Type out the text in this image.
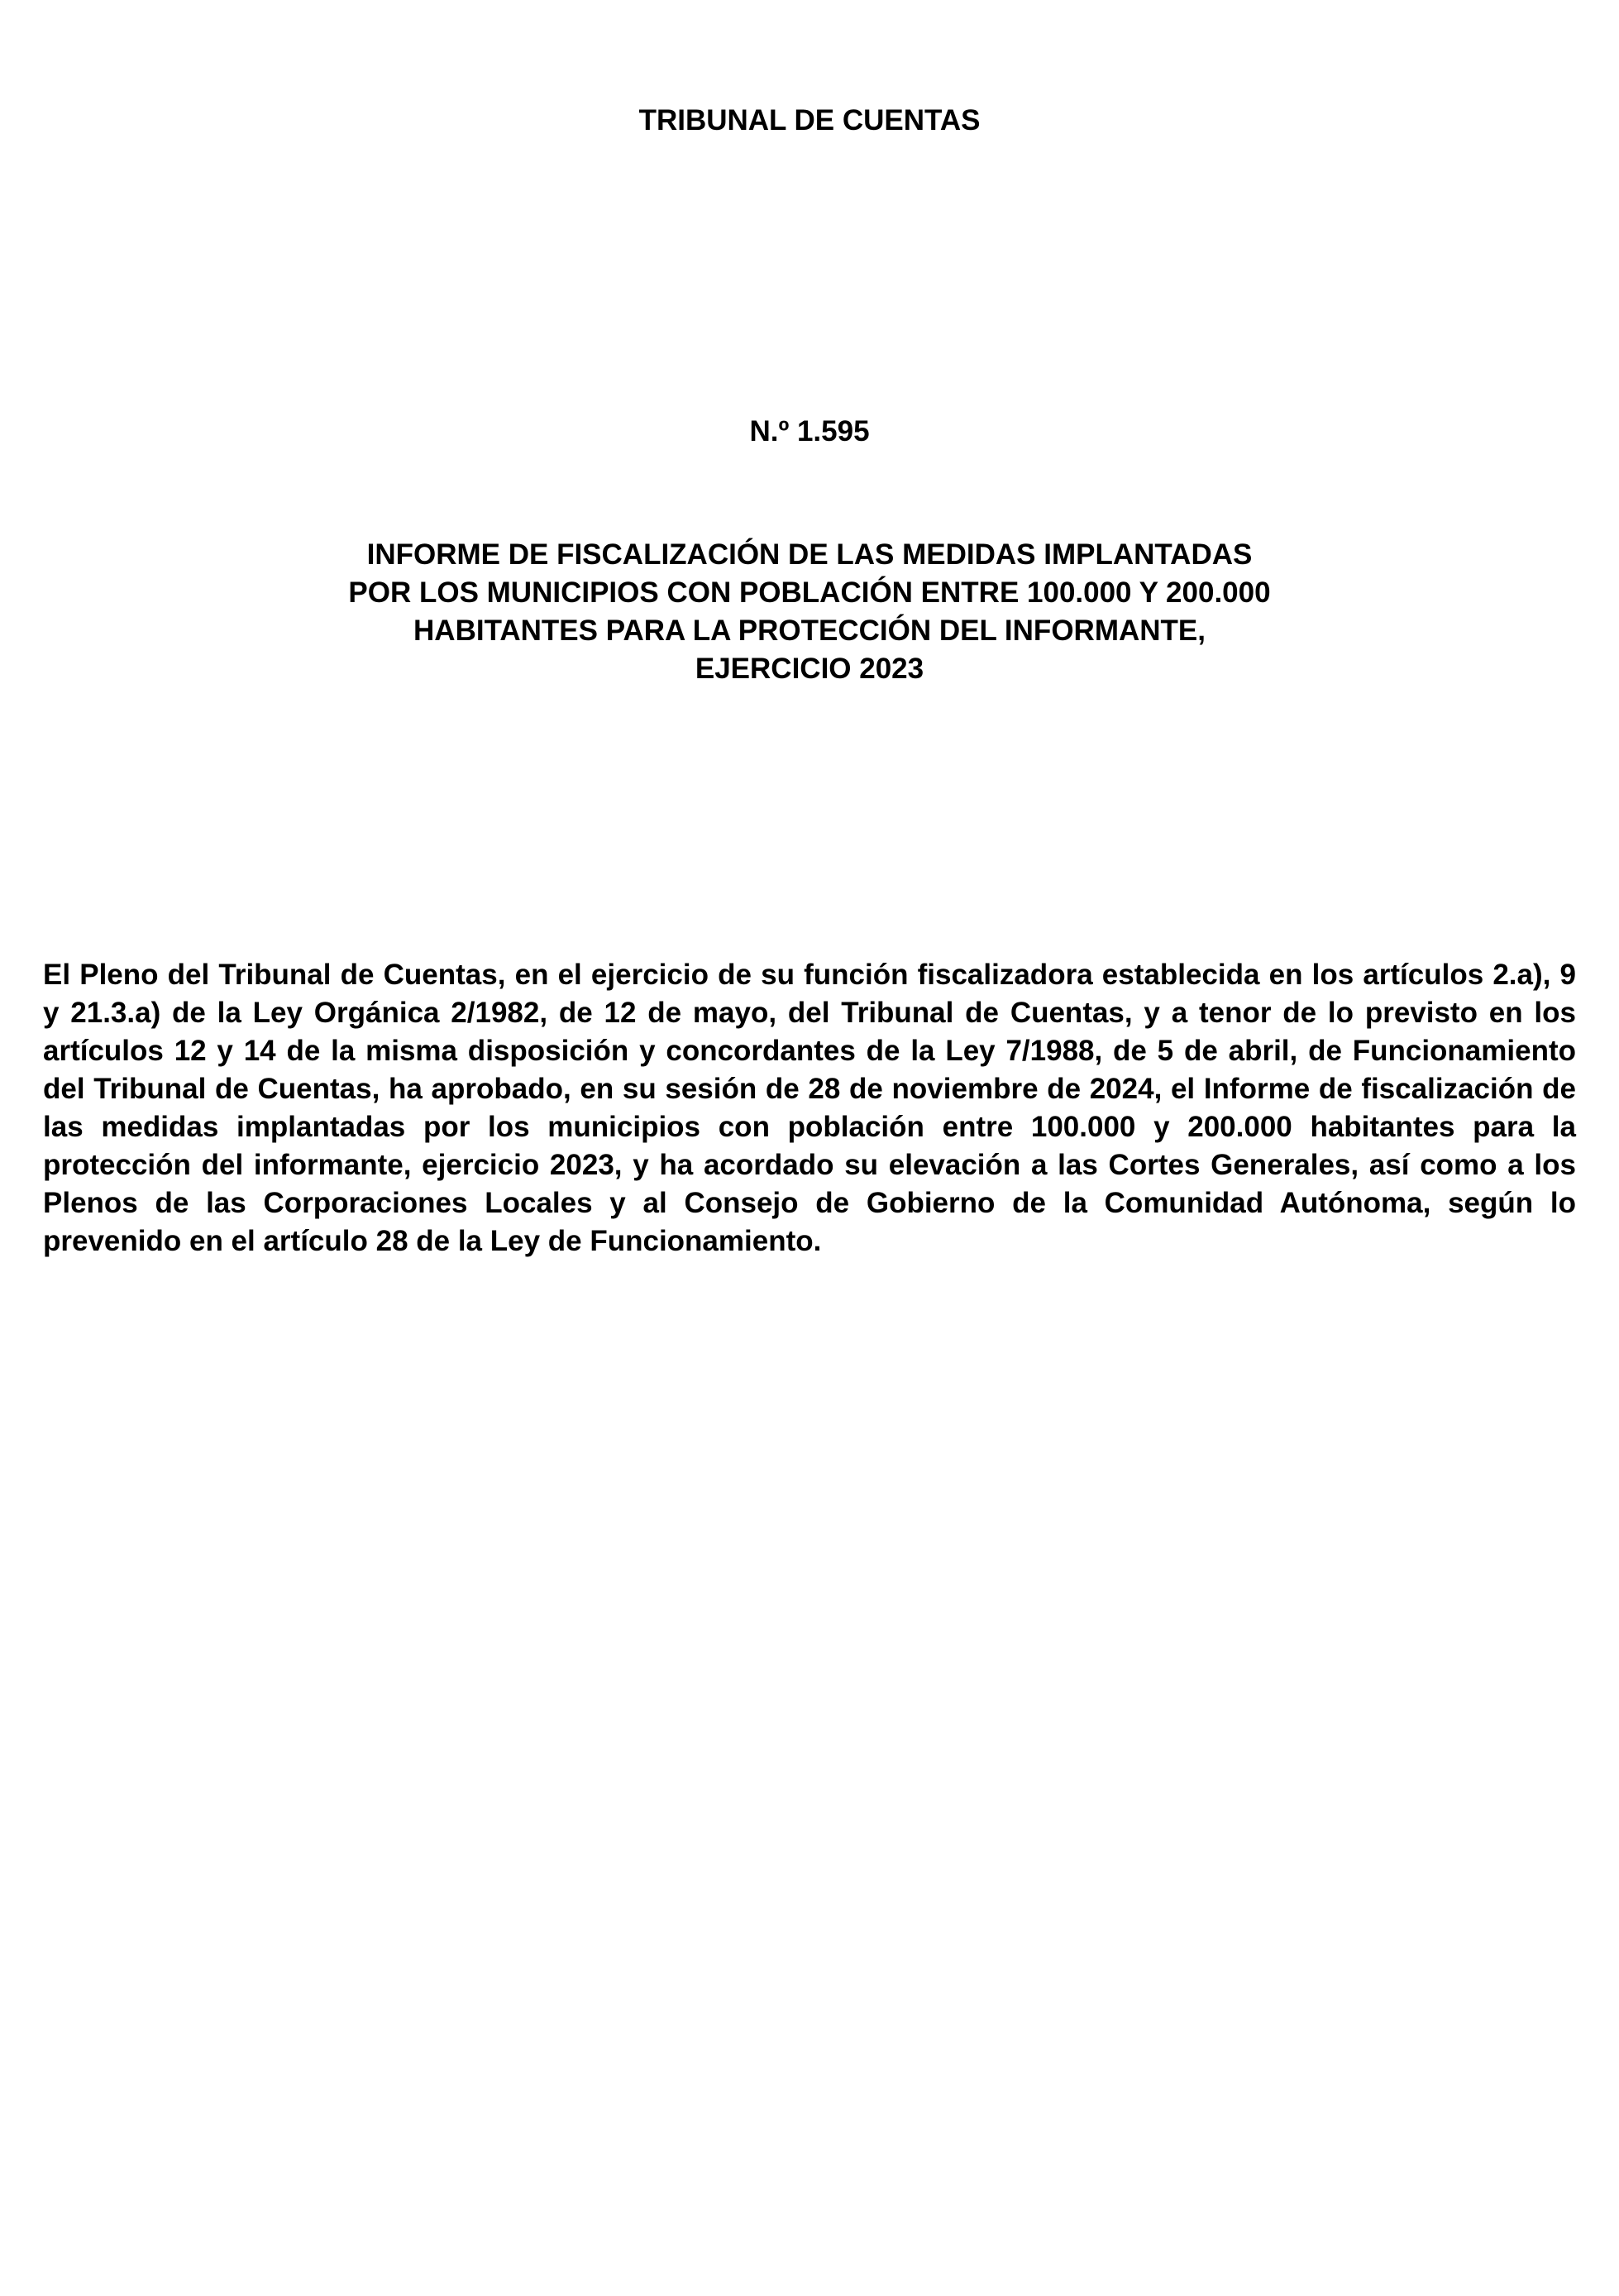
TRIBUNAL DE CUENTAS
N.º 1.595
INFORME DE FISCALIZACIÓN DE LAS MEDIDAS IMPLANTADAS
POR LOS MUNICIPIOS CON POBLACIÓN ENTRE 100.000 Y 200.000
HABITANTES PARA LA PROTECCIÓN DEL INFORMANTE,
EJERCICIO 2023

El Pleno del Tribunal de Cuentas, en el ejercicio de su función fiscalizadora establecida en los artículos 2.a), 9 y 21.3.a) de la Ley Orgánica 2/1982, de 12 de mayo, del Tribunal de Cuentas, y a tenor de lo previsto en los artículos 12 y 14 de la misma disposición y concordantes de la Ley 7/1988, de 5 de abril, de Funcionamiento del Tribunal de Cuentas, ha aprobado, en su sesión de 28 de noviembre de 2024, el Informe de fiscalización de las medidas implantadas por los municipios con población entre 100.000 y 200.000 habitantes para la protección del informante, ejercicio 2023, y ha acordado su elevación a las Cortes Generales, así como a los Plenos de las Corporaciones Locales y al Consejo de Gobierno de la Comunidad Autónoma, según lo prevenido en el artículo 28 de la Ley de Funcionamiento.
